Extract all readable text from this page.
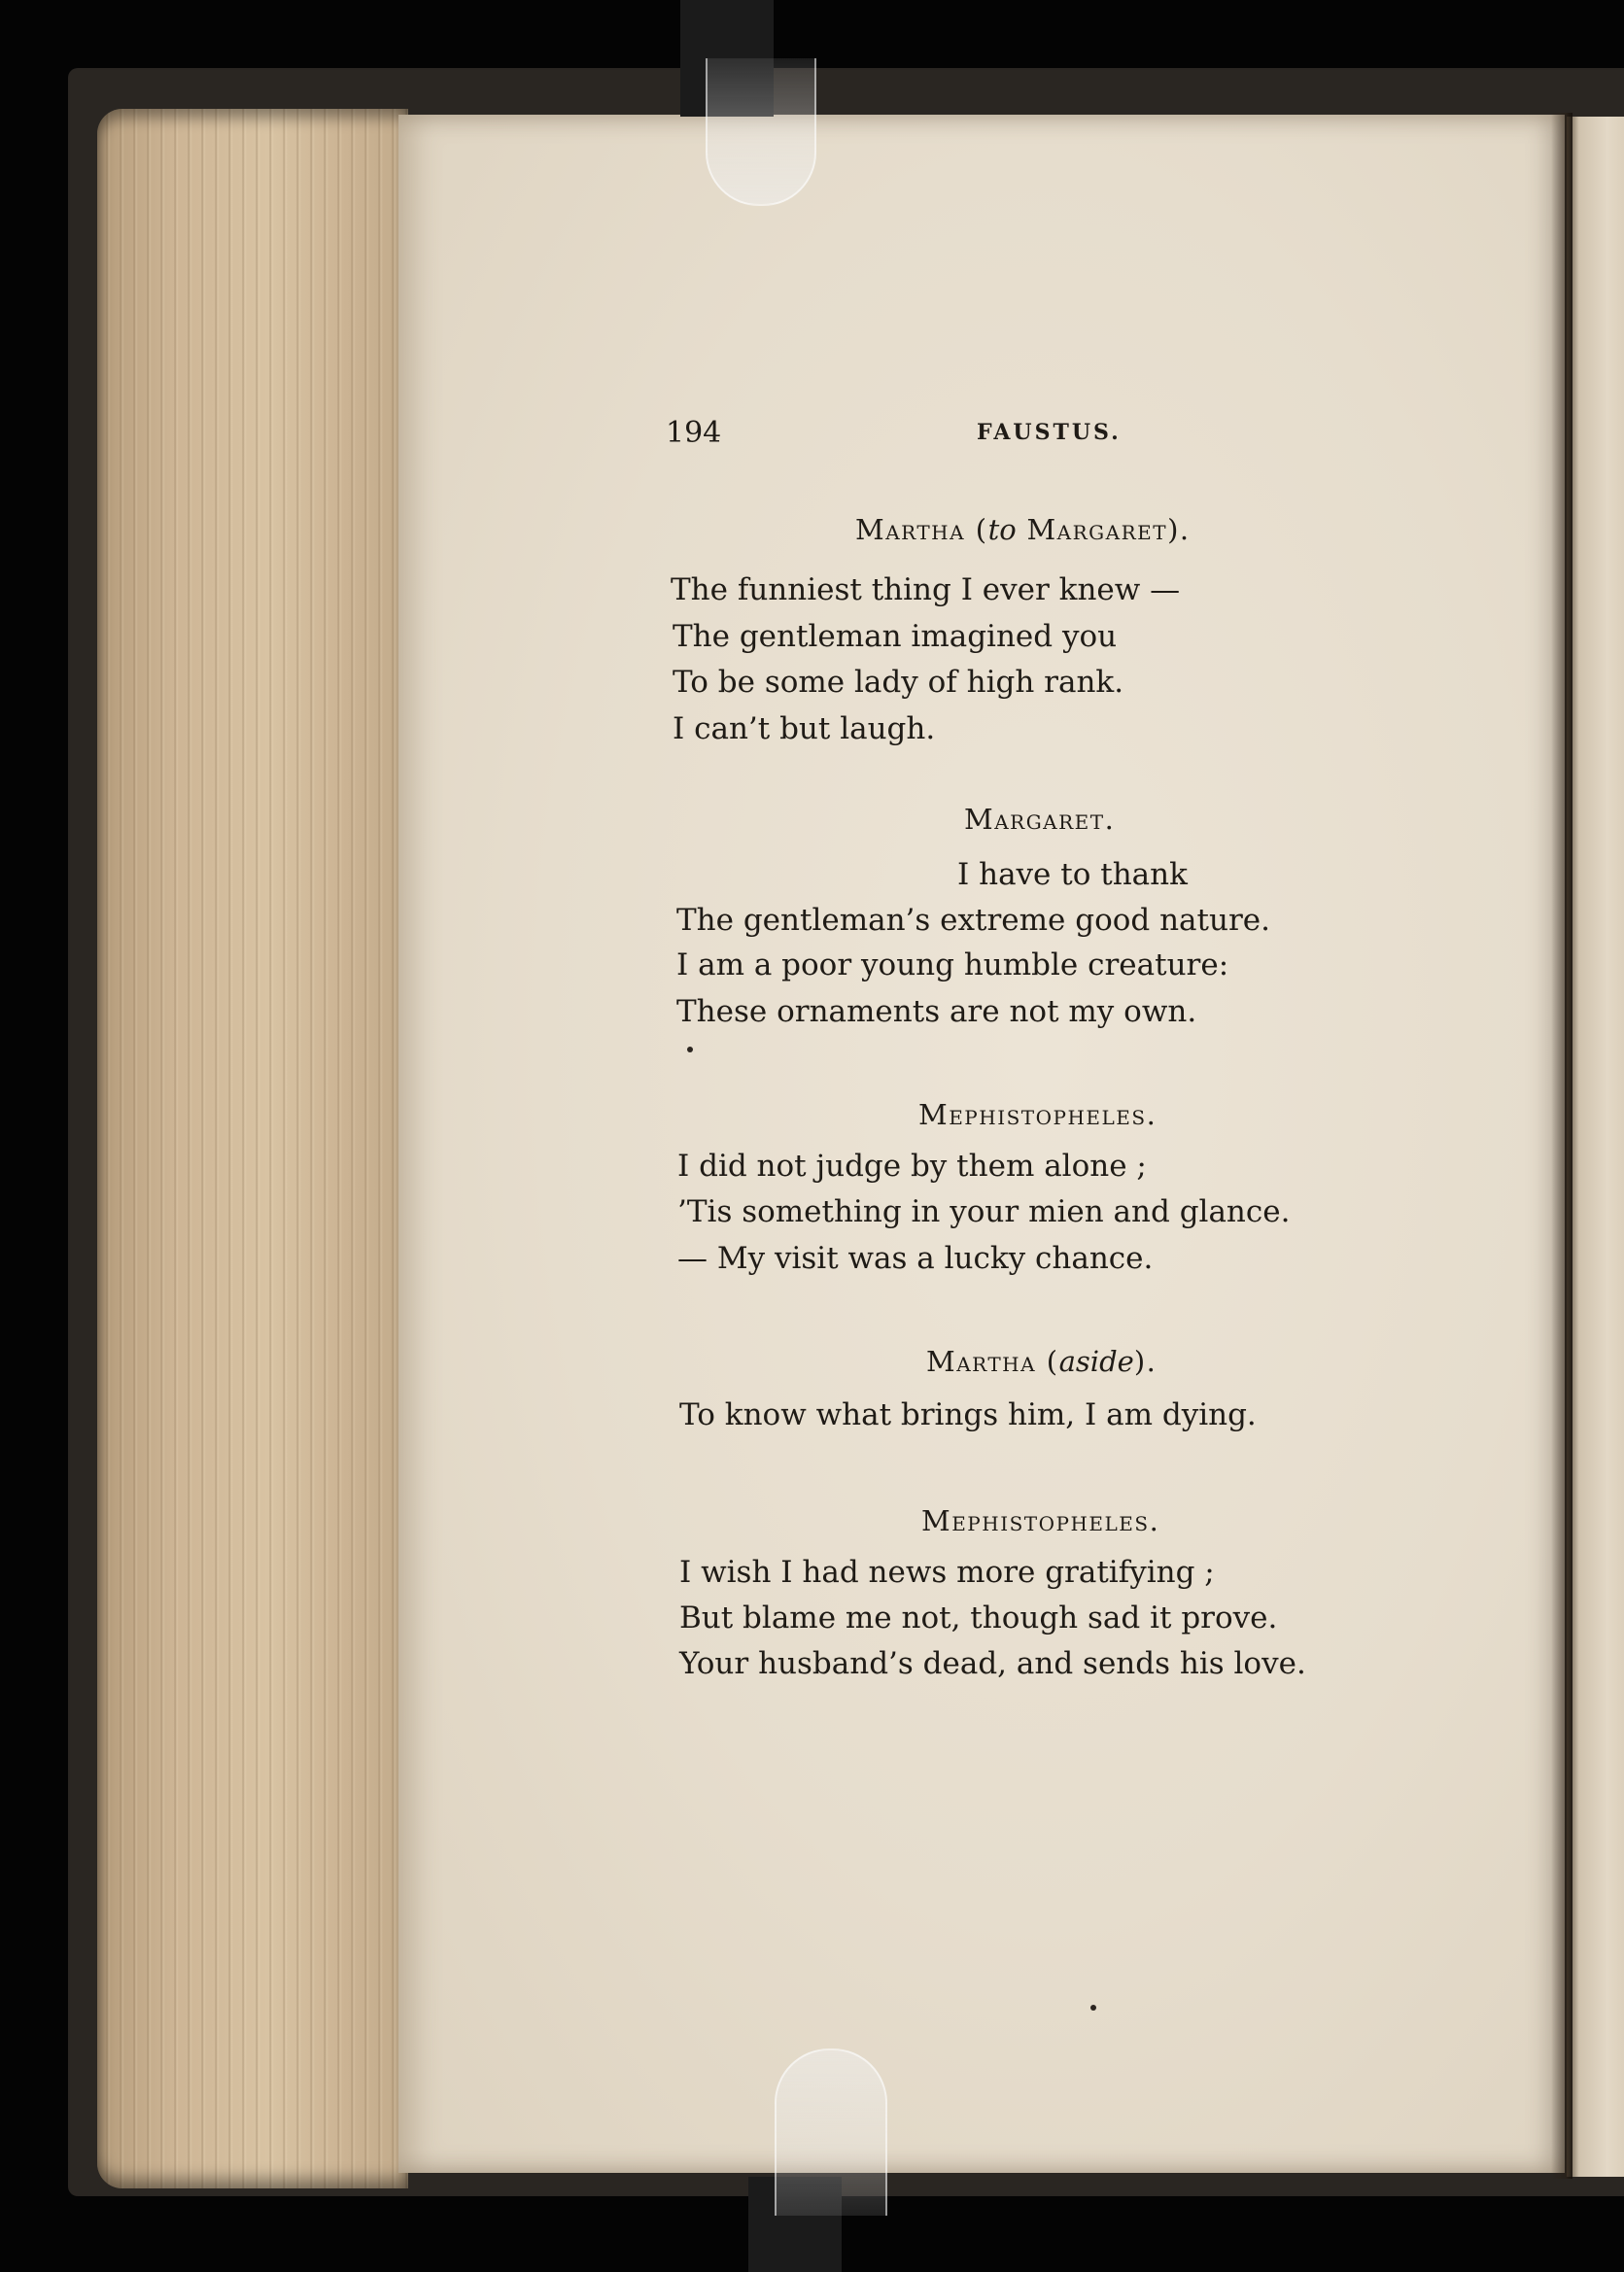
194	FAUSTUS.

Martha (to Margaret).

The funniest thing I ever knew —

The gentleman imagined you

To be some lady of high rank.

I can’t but laugh.

Margaret.

I have to thank

The gentleman’s extreme good nature.

I am a poor young humble creature:

These ornaments are not my own.

Mephistopheles.

I did not judge by them alone ;

’Tis something in your mien and glance.

— My visit was a lucky chance.

Martha (aside).

To know what brings him, I am dying.

Mephistopheles.

I wish I had news more gratifying ;

But blame me not, though sad it prove.

Your husband’s dead, and sends his love.
